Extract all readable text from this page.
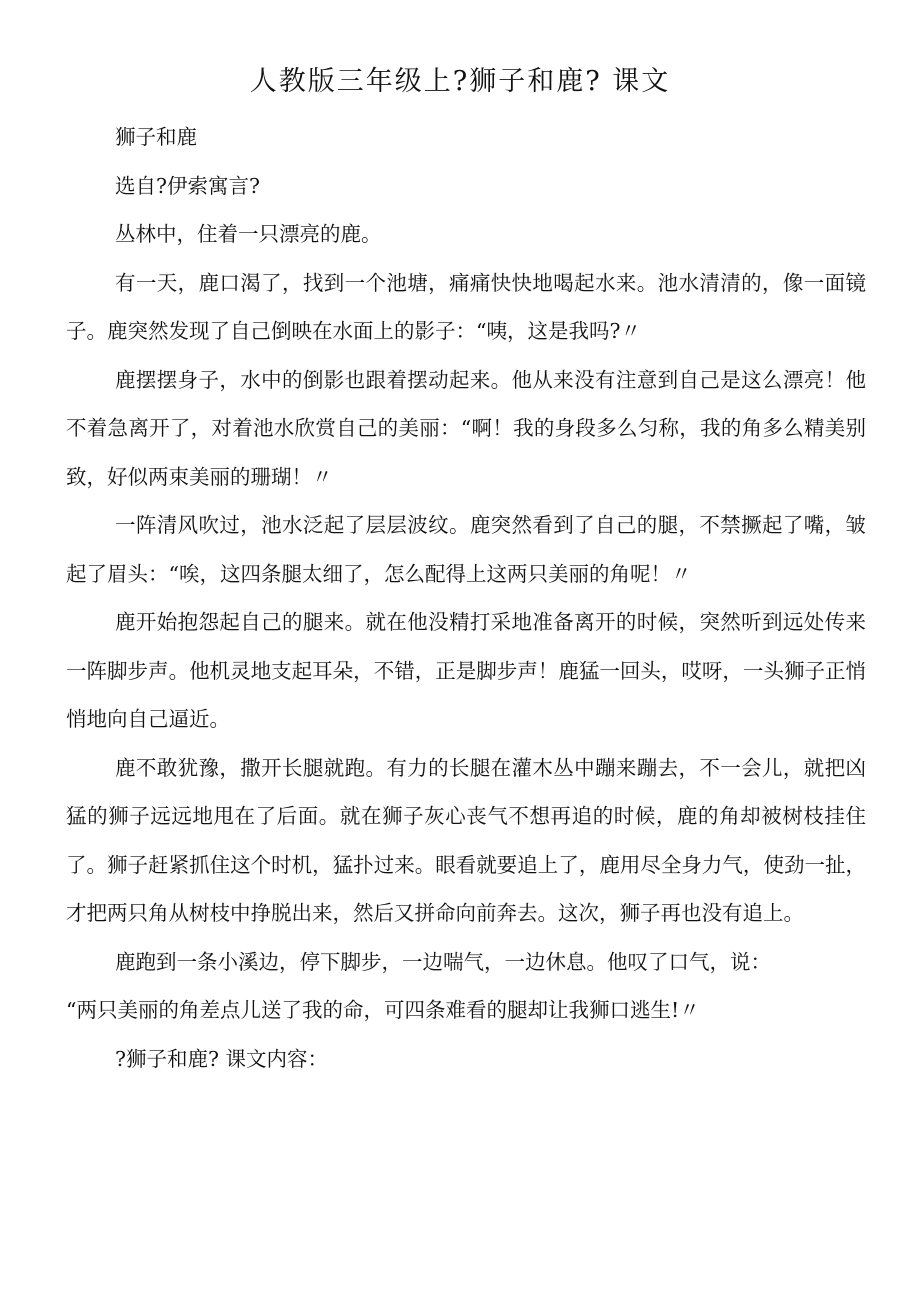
人教版三年级上?狮子和鹿? 课文

狮子和鹿

选自?伊索寓言?

丛林中，住着一只漂亮的鹿。

有一天，鹿口渴了，找到一个池塘，痛痛快快地喝起水来。池水清清的，像一面镜子。鹿突然发现了自己倒映在水面上的影子：“咦，这是我吗?〃

鹿摆摆身子，水中的倒影也跟着摆动起来。他从来没有注意到自己是这么漂亮！他不着急离开了，对着池水欣赏自己的美丽：“啊！我的身段多么匀称，我的角多么精美别致，好似两束美丽的珊瑚！〃

一阵清风吹过，池水泛起了层层波纹。鹿突然看到了自己的腿，不禁撅起了嘴，皱起了眉头：“唉，这四条腿太细了，怎么配得上这两只美丽的角呢！〃

鹿开始抱怨起自己的腿来。就在他没精打采地准备离开的时候，突然听到远处传来一阵脚步声。他机灵地支起耳朵，不错，正是脚步声！鹿猛一回头，哎呀，一头狮子正悄悄地向自己逼近。

鹿不敢犹豫，撒开长腿就跑。有力的长腿在灌木丛中蹦来蹦去，不一会儿，就把凶猛的狮子远远地甩在了后面。就在狮子灰心丧气不想再追的时候，鹿的角却被树枝挂住了。狮子赶紧抓住这个时机，猛扑过来。眼看就要追上了，鹿用尽全身力气，使劲一扯，才把两只角从树枝中挣脱出来，然后又拼命向前奔去。这次，狮子再也没有追上。

鹿跑到一条小溪边，停下脚步，一边喘气，一边休息。他叹了口气，说：

“两只美丽的角差点儿送了我的命，可四条难看的腿却让我狮口逃生!〃

?狮子和鹿? 课文内容：
